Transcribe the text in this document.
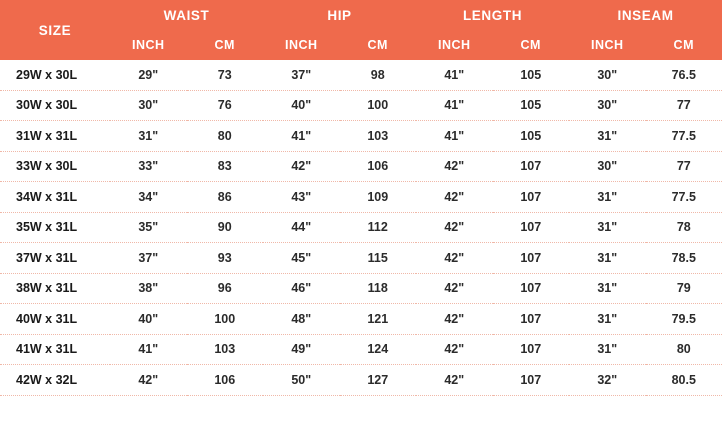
SIZE	WAIST		HIP		LENGTH		INSEAM	
	INCH	CM	INCH	CM	INCH	CM	INCH	CM
29W x 30L	29"	73	37"	98	41"	105	30"	76.5
30W x 30L	30"	76	40"	100	41"	105	30"	77
31W x 31L	31"	80	41"	103	41"	105	31"	77.5
33W x 30L	33"	83	42"	106	42"	107	30"	77
34W x 31L	34"	86	43"	109	42"	107	31"	77.5
35W x 31L	35"	90	44"	112	42"	107	31"	78
37W x 31L	37"	93	45"	115	42"	107	31"	78.5
38W x 31L	38"	96	46"	118	42"	107	31"	79
40W x 31L	40"	100	48"	121	42"	107	31"	79.5
41W x 31L	41"	103	49"	124	42"	107	31"	80
42W x 32L	42"	106	50"	127	42"	107	32"	80.5
